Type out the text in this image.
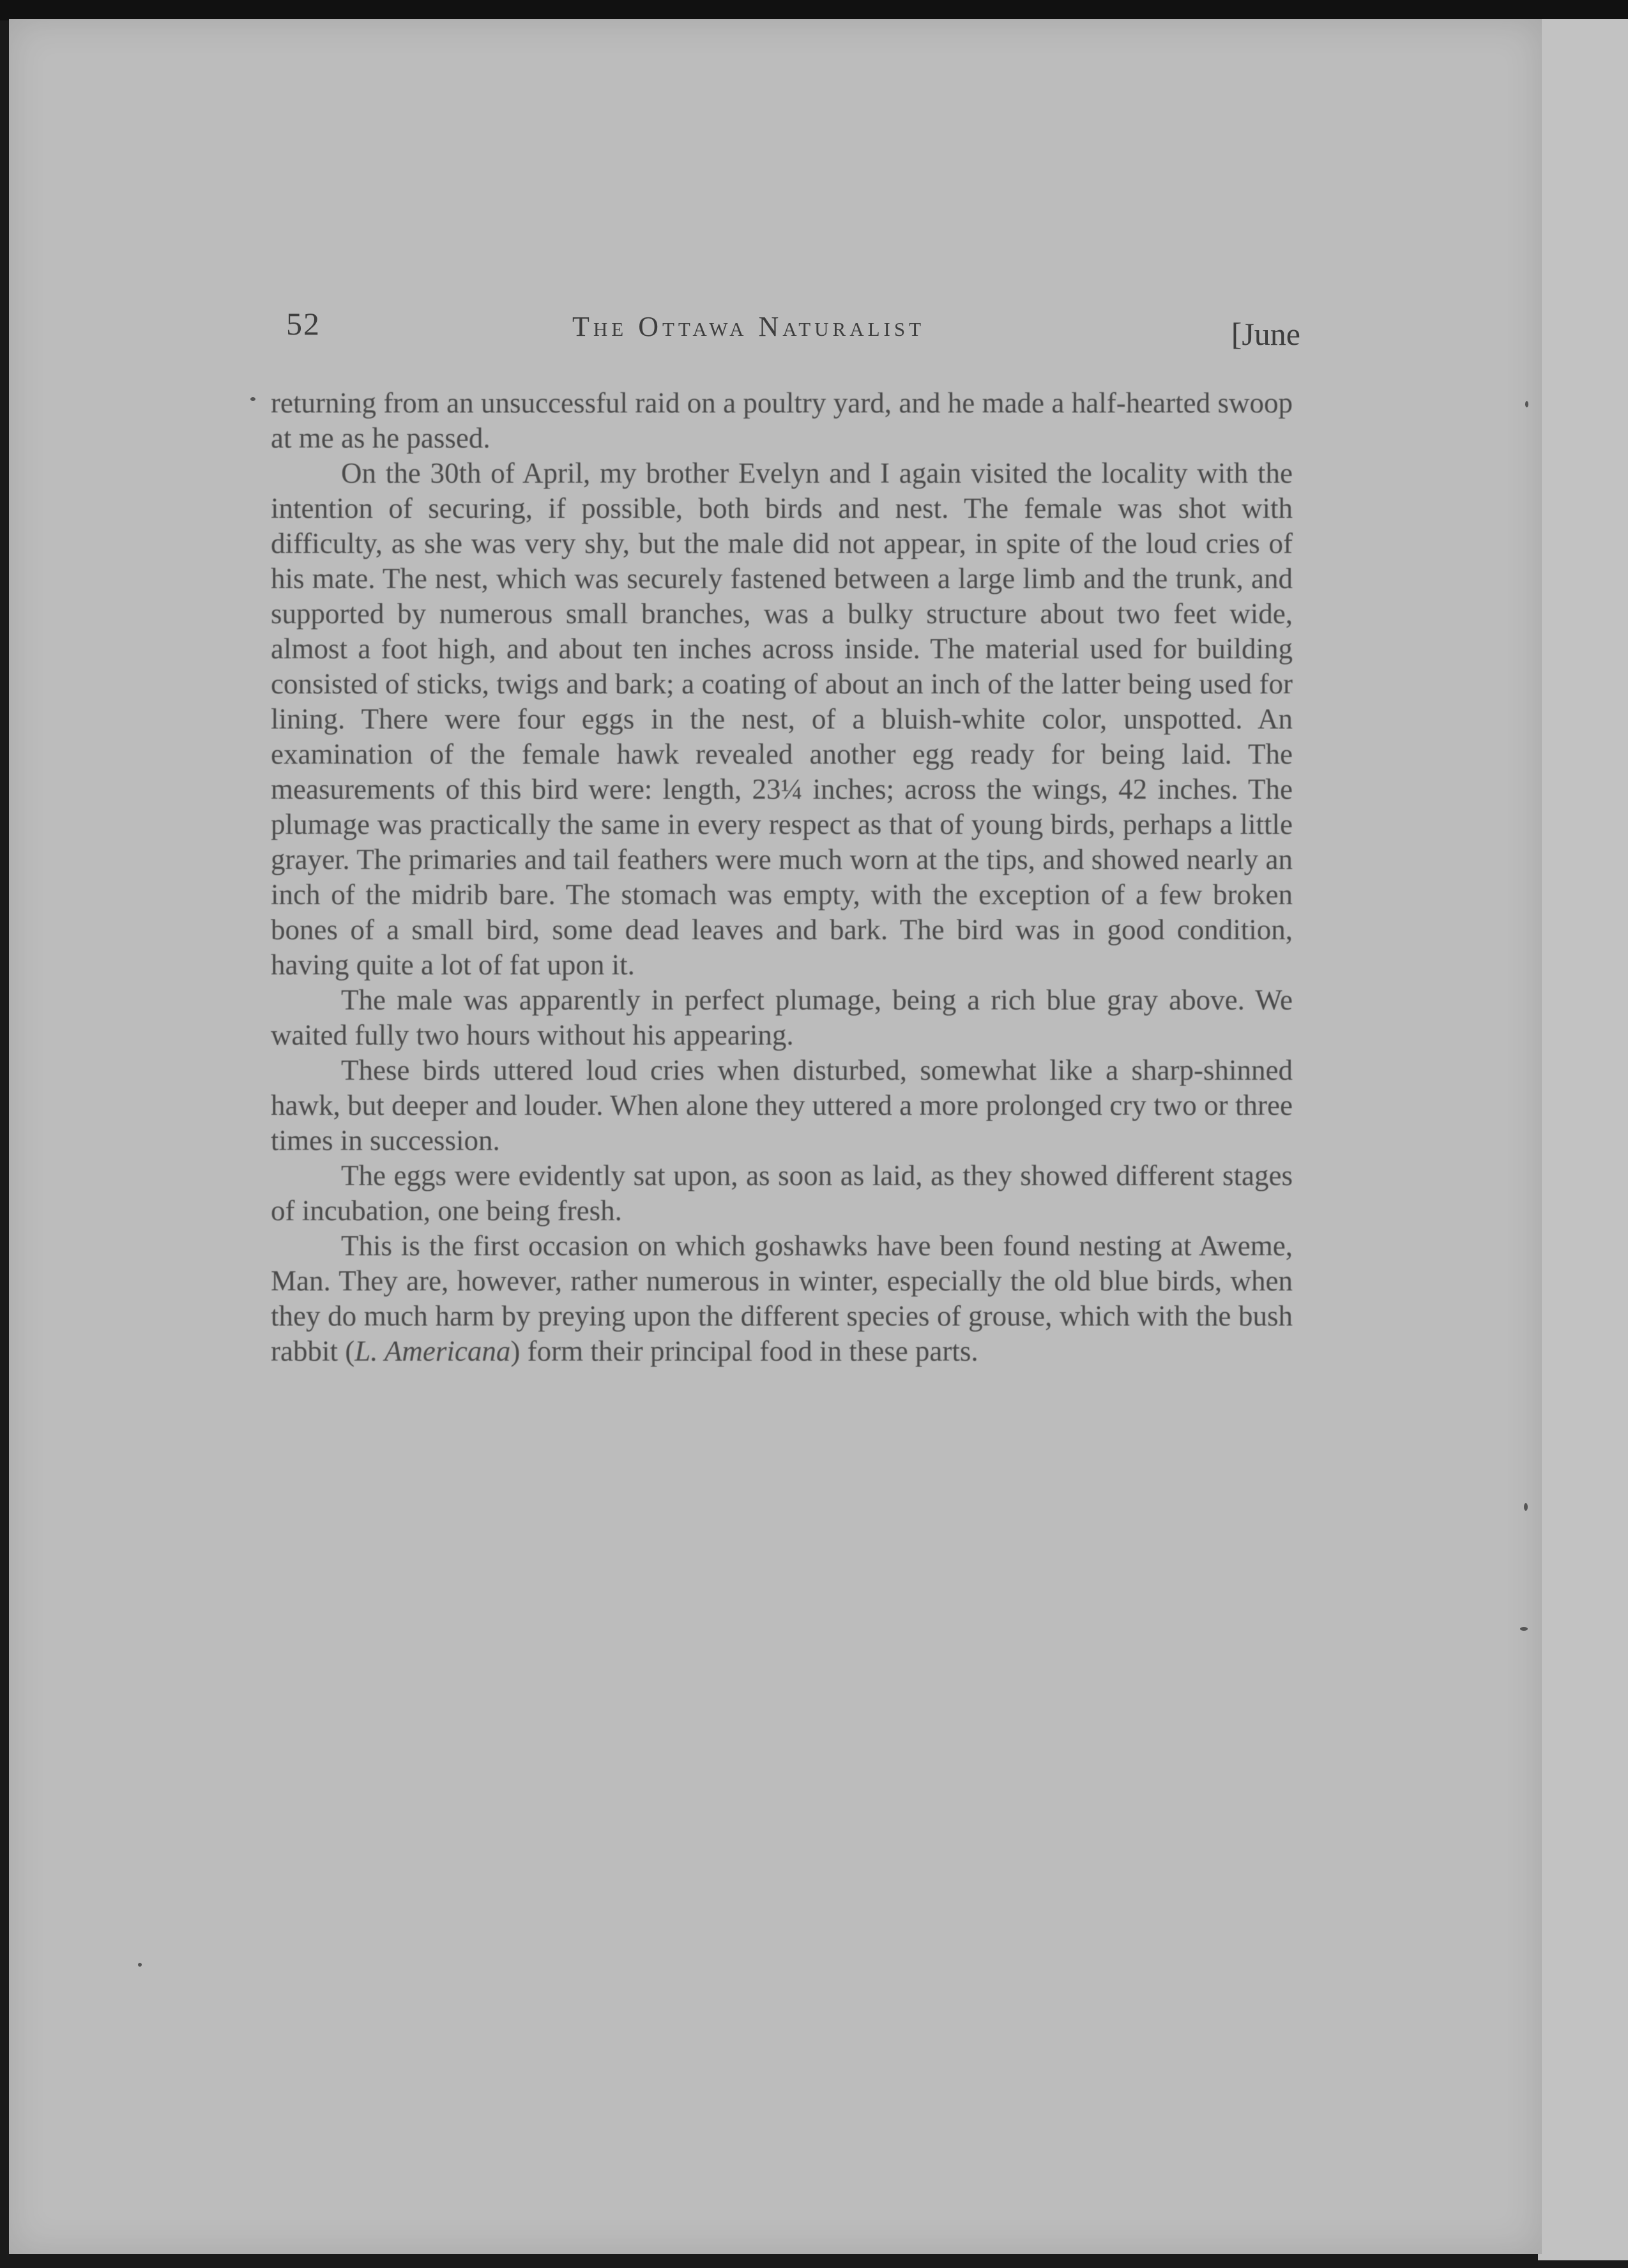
52	The Ottawa Naturalist	[June

returning from an unsuccessful raid on a poultry yard, and he made a half-hearted swoop at me as he passed.

On the 30th of April, my brother Evelyn and I again visited the locality with the intention of securing, if possible, both birds and nest. The female was shot with difficulty, as she was very shy, but the male did not appear, in spite of the loud cries of his mate. The nest, which was securely fastened between a large limb and the trunk, and supported by numerous small branches, was a bulky structure about two feet wide, almost a foot high, and about ten inches across inside. The material used for building consisted of sticks, twigs and bark; a coating of about an inch of the latter being used for lining. There were four eggs in the nest, of a bluish-white color, unspotted. An examination of the female hawk revealed another egg ready for being laid. The measurements of this bird were: length, 23¼ inches; across the wings, 42 inches. The plumage was practically the same in every respect as that of young birds, perhaps a little grayer. The primaries and tail feathers were much worn at the tips, and showed nearly an inch of the midrib bare. The stomach was empty, with the exception of a few broken bones of a small bird, some dead leaves and bark. The bird was in good condition, having quite a lot of fat upon it.

The male was apparently in perfect plumage, being a rich blue gray above. We waited fully two hours without his appearing.

These birds uttered loud cries when disturbed, somewhat like a sharp-shinned hawk, but deeper and louder. When alone they uttered a more prolonged cry two or three times in succession.

The eggs were evidently sat upon, as soon as laid, as they showed different stages of incubation, one being fresh.

This is the first occasion on which goshawks have been found nesting at Aweme, Man. They are, however, rather numerous in winter, especially the old blue birds, when they do much harm by preying upon the different species of grouse, which with the bush rabbit (L. Americana) form their principal food in these parts.
